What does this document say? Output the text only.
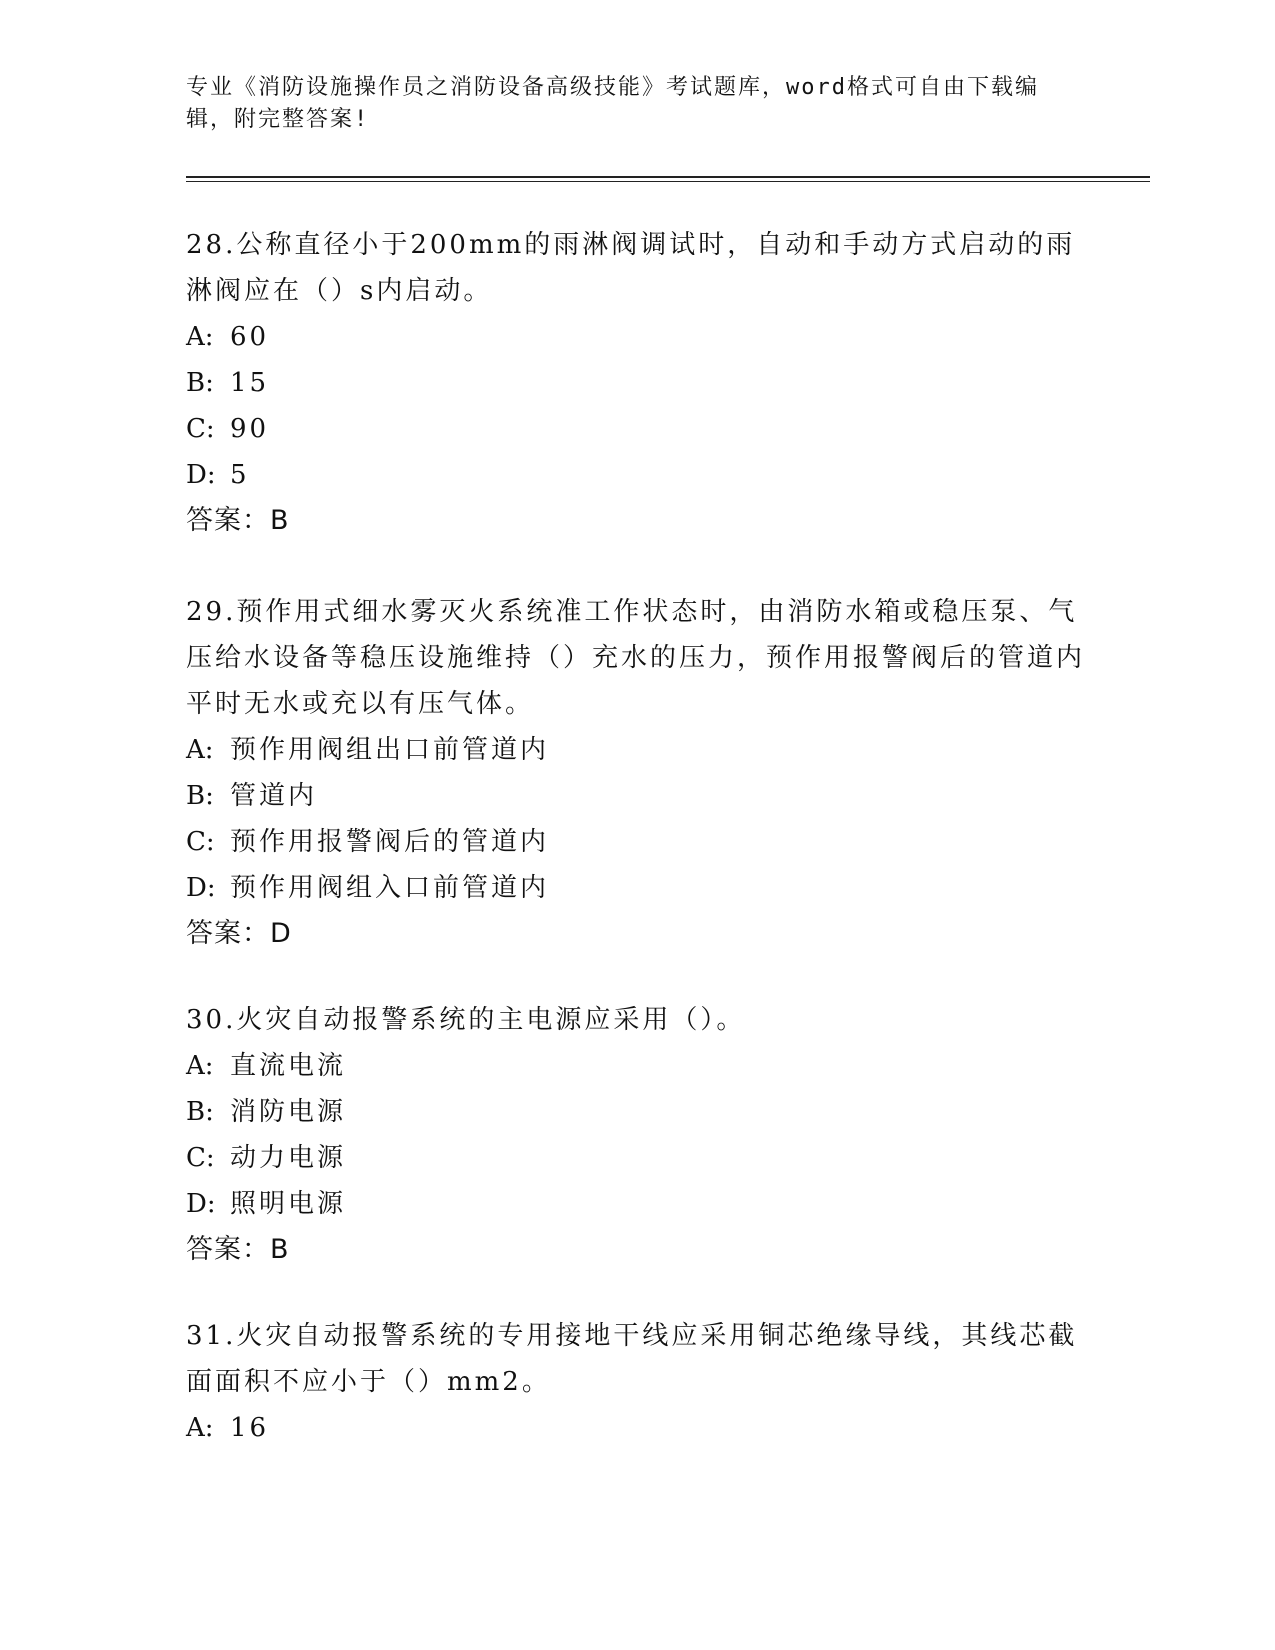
专业《消防设施操作员之消防设备高级技能》考试题库，word格式可自由下载编辑，附完整答案!

28.公称直径小于200mm的雨淋阀调试时，自动和手动方式启动的雨淋阀应在（）s内启动。

A: 60

B: 15

C: 90

D: 5

答案：B

29.预作用式细水雾灭火系统准工作状态时，由消防水箱或稳压泵、气压给水设备等稳压设施维持（）充水的压力，预作用报警阀后的管道内平时无水或充以有压气体。

A: 预作用阀组出口前管道内

B: 管道内

C: 预作用报警阀后的管道内

D: 预作用阀组入口前管道内

答案：D

30.火灾自动报警系统的主电源应采用（）。

A: 直流电流

B: 消防电源

C: 动力电源

D: 照明电源

答案：B

31.火灾自动报警系统的专用接地干线应采用铜芯绝缘导线，其线芯截面面积不应小于（）mm2。

A: 16
